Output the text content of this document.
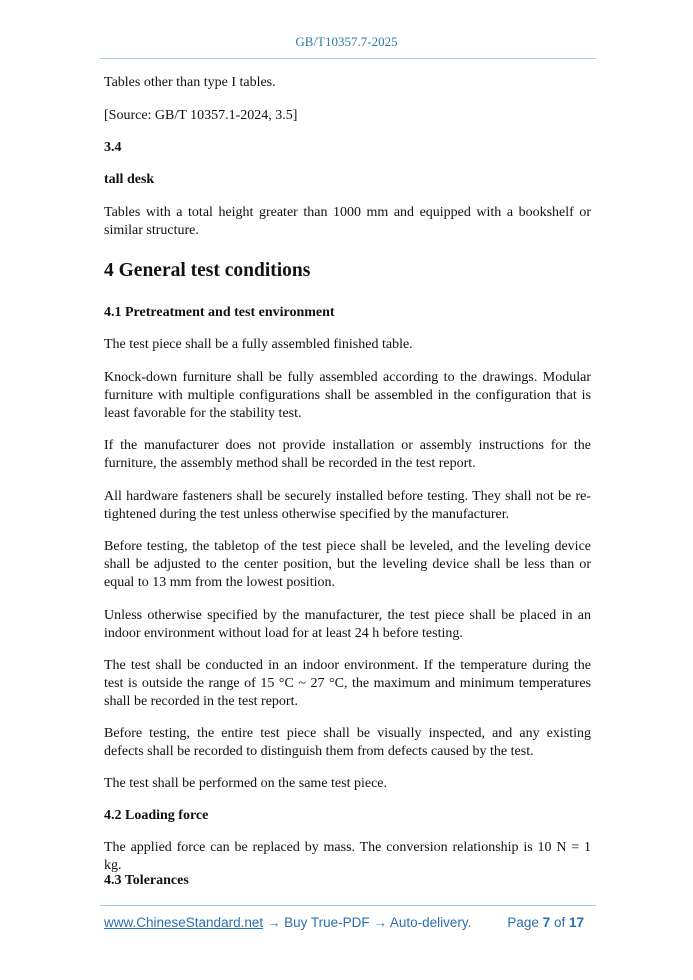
GB/T10357.7-2025
Tables other than type I tables.
[Source: GB/T 10357.1-2024, 3.5]
3.4
tall desk
Tables with a total height greater than 1000 mm and equipped with a bookshelf or similar structure.
4 General test conditions
4.1 Pretreatment and test environment
The test piece shall be a fully assembled finished table.
Knock-down furniture shall be fully assembled according to the drawings. Modular furniture with multiple configurations shall be assembled in the configuration that is least favorable for the stability test.
If the manufacturer does not provide installation or assembly instructions for the furniture, the assembly method shall be recorded in the test report.
All hardware fasteners shall be securely installed before testing. They shall not be re-tightened during the test unless otherwise specified by the manufacturer.
Before testing, the tabletop of the test piece shall be leveled, and the leveling device shall be adjusted to the center position, but the leveling device shall be less than or equal to 13 mm from the lowest position.
Unless otherwise specified by the manufacturer, the test piece shall be placed in an indoor environment without load for at least 24 h before testing.
The test shall be conducted in an indoor environment. If the temperature during the test is outside the range of 15 °C ~ 27 °C, the maximum and minimum temperatures shall be recorded in the test report.
Before testing, the entire test piece shall be visually inspected, and any existing defects shall be recorded to distinguish them from defects caused by the test.
The test shall be performed on the same test piece.
4.2 Loading force
The applied force can be replaced by mass. The conversion relationship is 10 N = 1 kg.
4.3 Tolerances
www.ChineseStandard.net → Buy True-PDF → Auto-delivery.	Page 7 of 17
